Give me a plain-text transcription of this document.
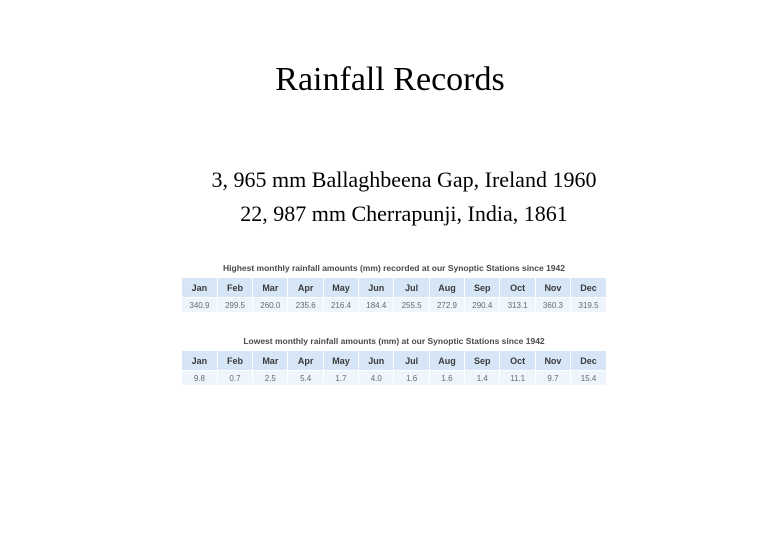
Rainfall Records
3, 965 mm Ballaghbeena Gap, Ireland 1960
22, 987 mm Cherrapunji, India, 1861
Highest monthly rainfall amounts (mm) recorded at our Synoptic Stations since 1942
Jan	Feb	Mar	Apr	May	Jun	Jul	Aug	Sep	Oct	Nov	Dec
340.9	299.5	260.0	235.6	216.4	184.4	255.5	272.9	290.4	313.1	360.3	319.5
Lowest monthly rainfall amounts (mm) at our Synoptic Stations since 1942
Jan	Feb	Mar	Apr	May	Jun	Jul	Aug	Sep	Oct	Nov	Dec
9.8	0.7	2.5	5.4	1.7	4.0	1.6	1.6	1.4	11.1	9.7	15.4
